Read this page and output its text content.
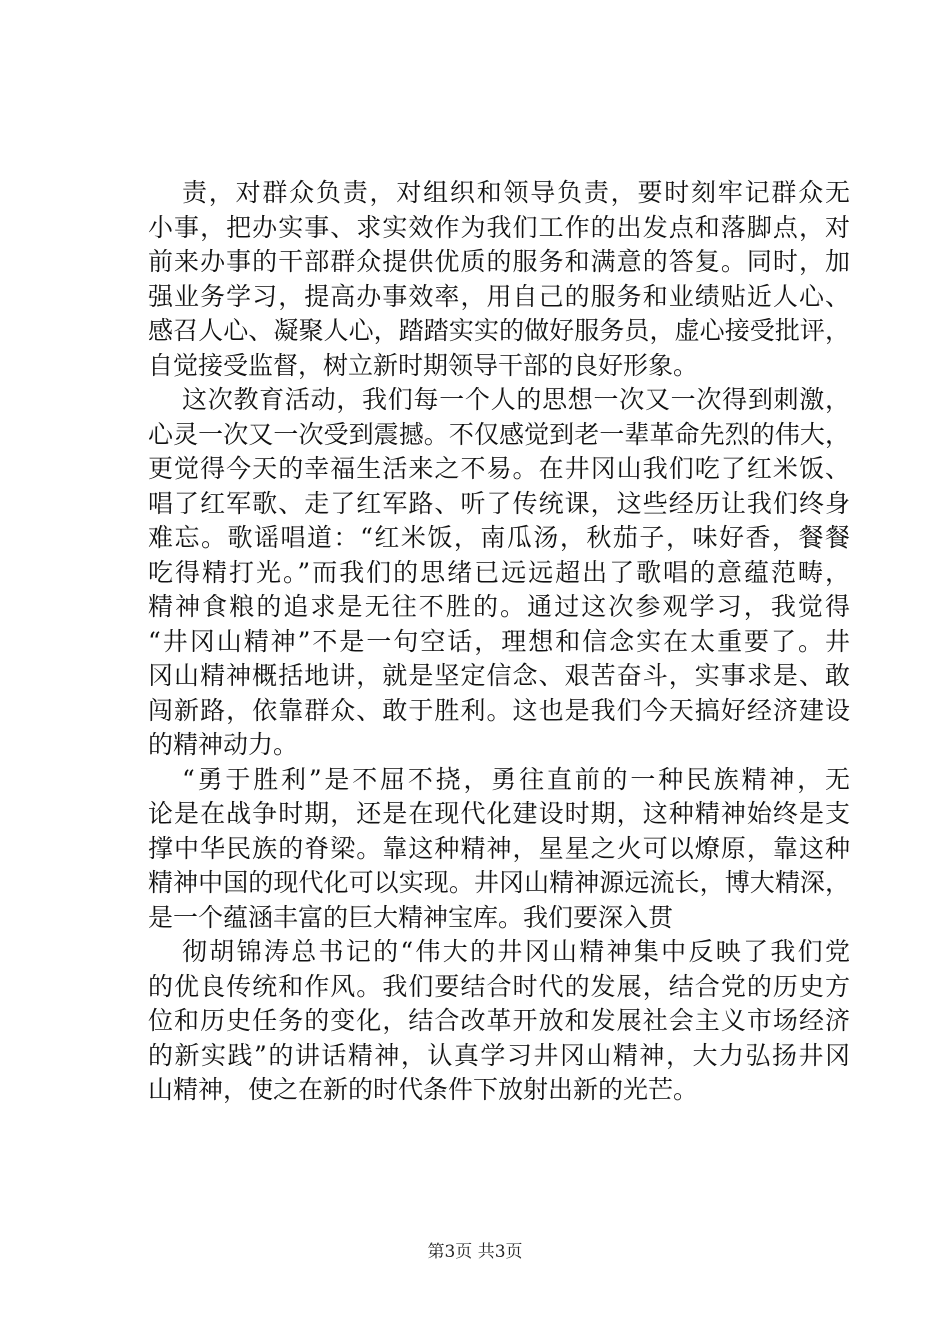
责，对群众负责，对组织和领导负责，要时刻牢记群众无
小事，把办实事、求实效作为我们工作的出发点和落脚点，对
前来办事的干部群众提供优质的服务和满意的答复。同时，加
强业务学习，提高办事效率，用自己的服务和业绩贴近人心、
感召人心、凝聚人心，踏踏实实的做好服务员，虚心接受批评，
自觉接受监督，树立新时期领导干部的良好形象。
这次教育活动，我们每一个人的思想一次又一次得到刺激，
心灵一次又一次受到震撼。不仅感觉到老一辈革命先烈的伟大，
更觉得今天的幸福生活来之不易。在井冈山我们吃了红米饭、
唱了红军歌、走了红军路、听了传统课，这些经历让我们终身
难忘。歌谣唱道：“红米饭，南瓜汤，秋茄子，味好香，餐餐
吃得精打光。”而我们的思绪已远远超出了歌唱的意蕴范畴，
精神食粮的追求是无往不胜的。通过这次参观学习，我觉得
“井冈山精神”不是一句空话，理想和信念实在太重要了。井
冈山精神概括地讲，就是坚定信念、艰苦奋斗，实事求是、敢
闯新路，依靠群众、敢于胜利。这也是我们今天搞好经济建设
的精神动力。
“勇于胜利”是不屈不挠，勇往直前的一种民族精神，无
论是在战争时期，还是在现代化建设时期，这种精神始终是支
撑中华民族的脊梁。靠这种精神，星星之火可以燎原，靠这种
精神中国的现代化可以实现。井冈山精神源远流长，博大精深，
是一个蕴涵丰富的巨大精神宝库。我们要深入贯
彻胡锦涛总书记的“伟大的井冈山精神集中反映了我们党
的优良传统和作风。我们要结合时代的发展，结合党的历史方
位和历史任务的变化，结合改革开放和发展社会主义市场经济
的新实践”的讲话精神，认真学习井冈山精神，大力弘扬井冈
山精神，使之在新的时代条件下放射出新的光芒。
第3页 共3页
